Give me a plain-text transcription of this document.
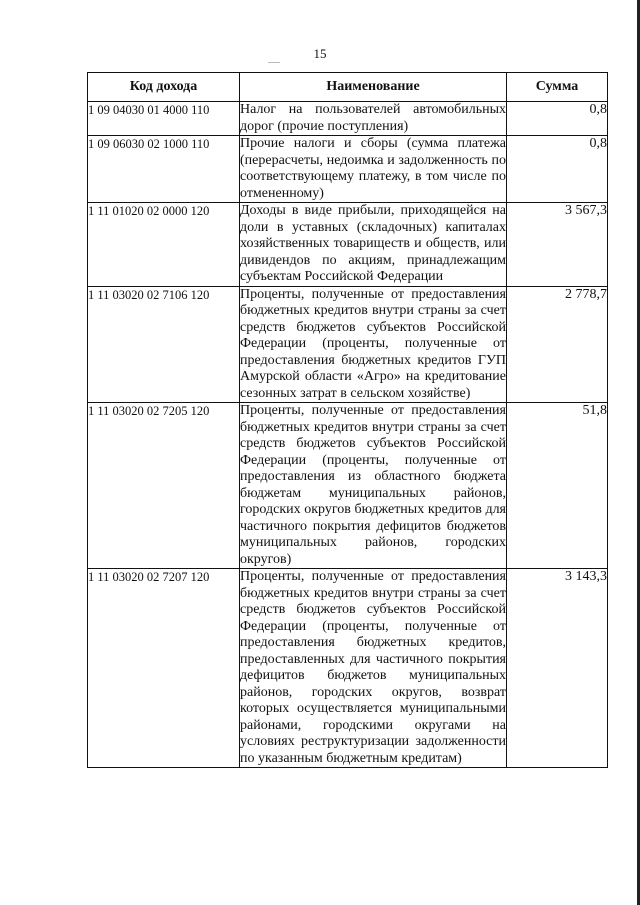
15
Код дохода	Наименование	Сумма
1 09 04030 01 4000 110	Налог на пользователей автомобильных дорог (прочие поступления)	0,8
1 09 06030 02 1000 110	Прочие налоги и сборы (сумма платежа (перерасчеты, недоимка и задолженность по соответствующему платежу, в том числе по отмененному)	0,8
1 11 01020 02 0000 120	Доходы в виде прибыли, приходящейся на доли в уставных (складочных) капиталах хозяйственных товариществ и обществ, или дивидендов по акциям, принадлежащим субъектам Российской Федерации	3 567,3
1 11 03020 02 7106 120	Проценты, полученные от предоставления бюджетных кредитов внутри страны за счет средств бюджетов субъектов Российской Федерации (проценты, полученные от предоставления бюджетных кредитов ГУП Амурской области «Агро» на кредитование сезонных затрат в сельском хозяйстве)	2 778,7
1 11 03020 02 7205 120	Проценты, полученные от предоставления бюджетных кредитов внутри страны за счет средств бюджетов субъектов Российской Федерации (проценты, полученные от предоставления из областного бюджета бюджетам муниципальных районов, городских округов бюджетных кредитов для частичного покрытия дефицитов бюджетов муниципальных районов, городских округов)	51,8
1 11 03020 02 7207 120	Проценты, полученные от предоставления бюджетных кредитов внутри страны за счет средств бюджетов субъектов Российской Федерации (проценты, полученные от предоставления бюджетных кредитов, предоставленных для частичного покрытия дефицитов бюджетов муниципальных районов, городских округов, возврат которых осуществляется муниципальными районами, городскими округами на условиях реструктуризации задолженности по указанным бюджетным кредитам)	3 143,3
